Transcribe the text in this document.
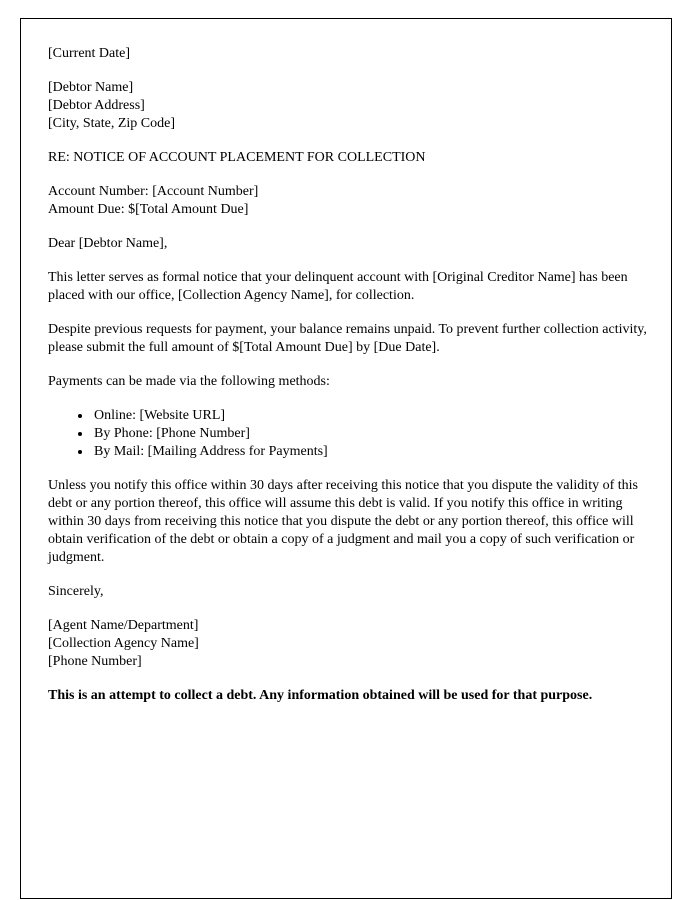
[Current Date]

[Debtor Name]

[Debtor Address]

[City, State, Zip Code]

RE: NOTICE OF ACCOUNT PLACEMENT FOR COLLECTION

Account Number: [Account Number]

Amount Due: $[Total Amount Due]

Dear [Debtor Name],

This letter serves as formal notice that your delinquent account with [Original Creditor Name] has been placed with our office, [Collection Agency Name], for collection.

Despite previous requests for payment, your balance remains unpaid. To prevent further collection activity, please submit the full amount of $[Total Amount Due] by [Due Date].

Payments can be made via the following methods:

• Online: [Website URL]
• By Phone: [Phone Number]
• By Mail: [Mailing Address for Payments]

Unless you notify this office within 30 days after receiving this notice that you dispute the validity of this debt or any portion thereof, this office will assume this debt is valid. If you notify this office in writing within 30 days from receiving this notice that you dispute the debt or any portion thereof, this office will obtain verification of the debt or obtain a copy of a judgment and mail you a copy of such verification or judgment.

Sincerely,

[Agent Name/Department]

[Collection Agency Name]

[Phone Number]

This is an attempt to collect a debt. Any information obtained will be used for that purpose.
